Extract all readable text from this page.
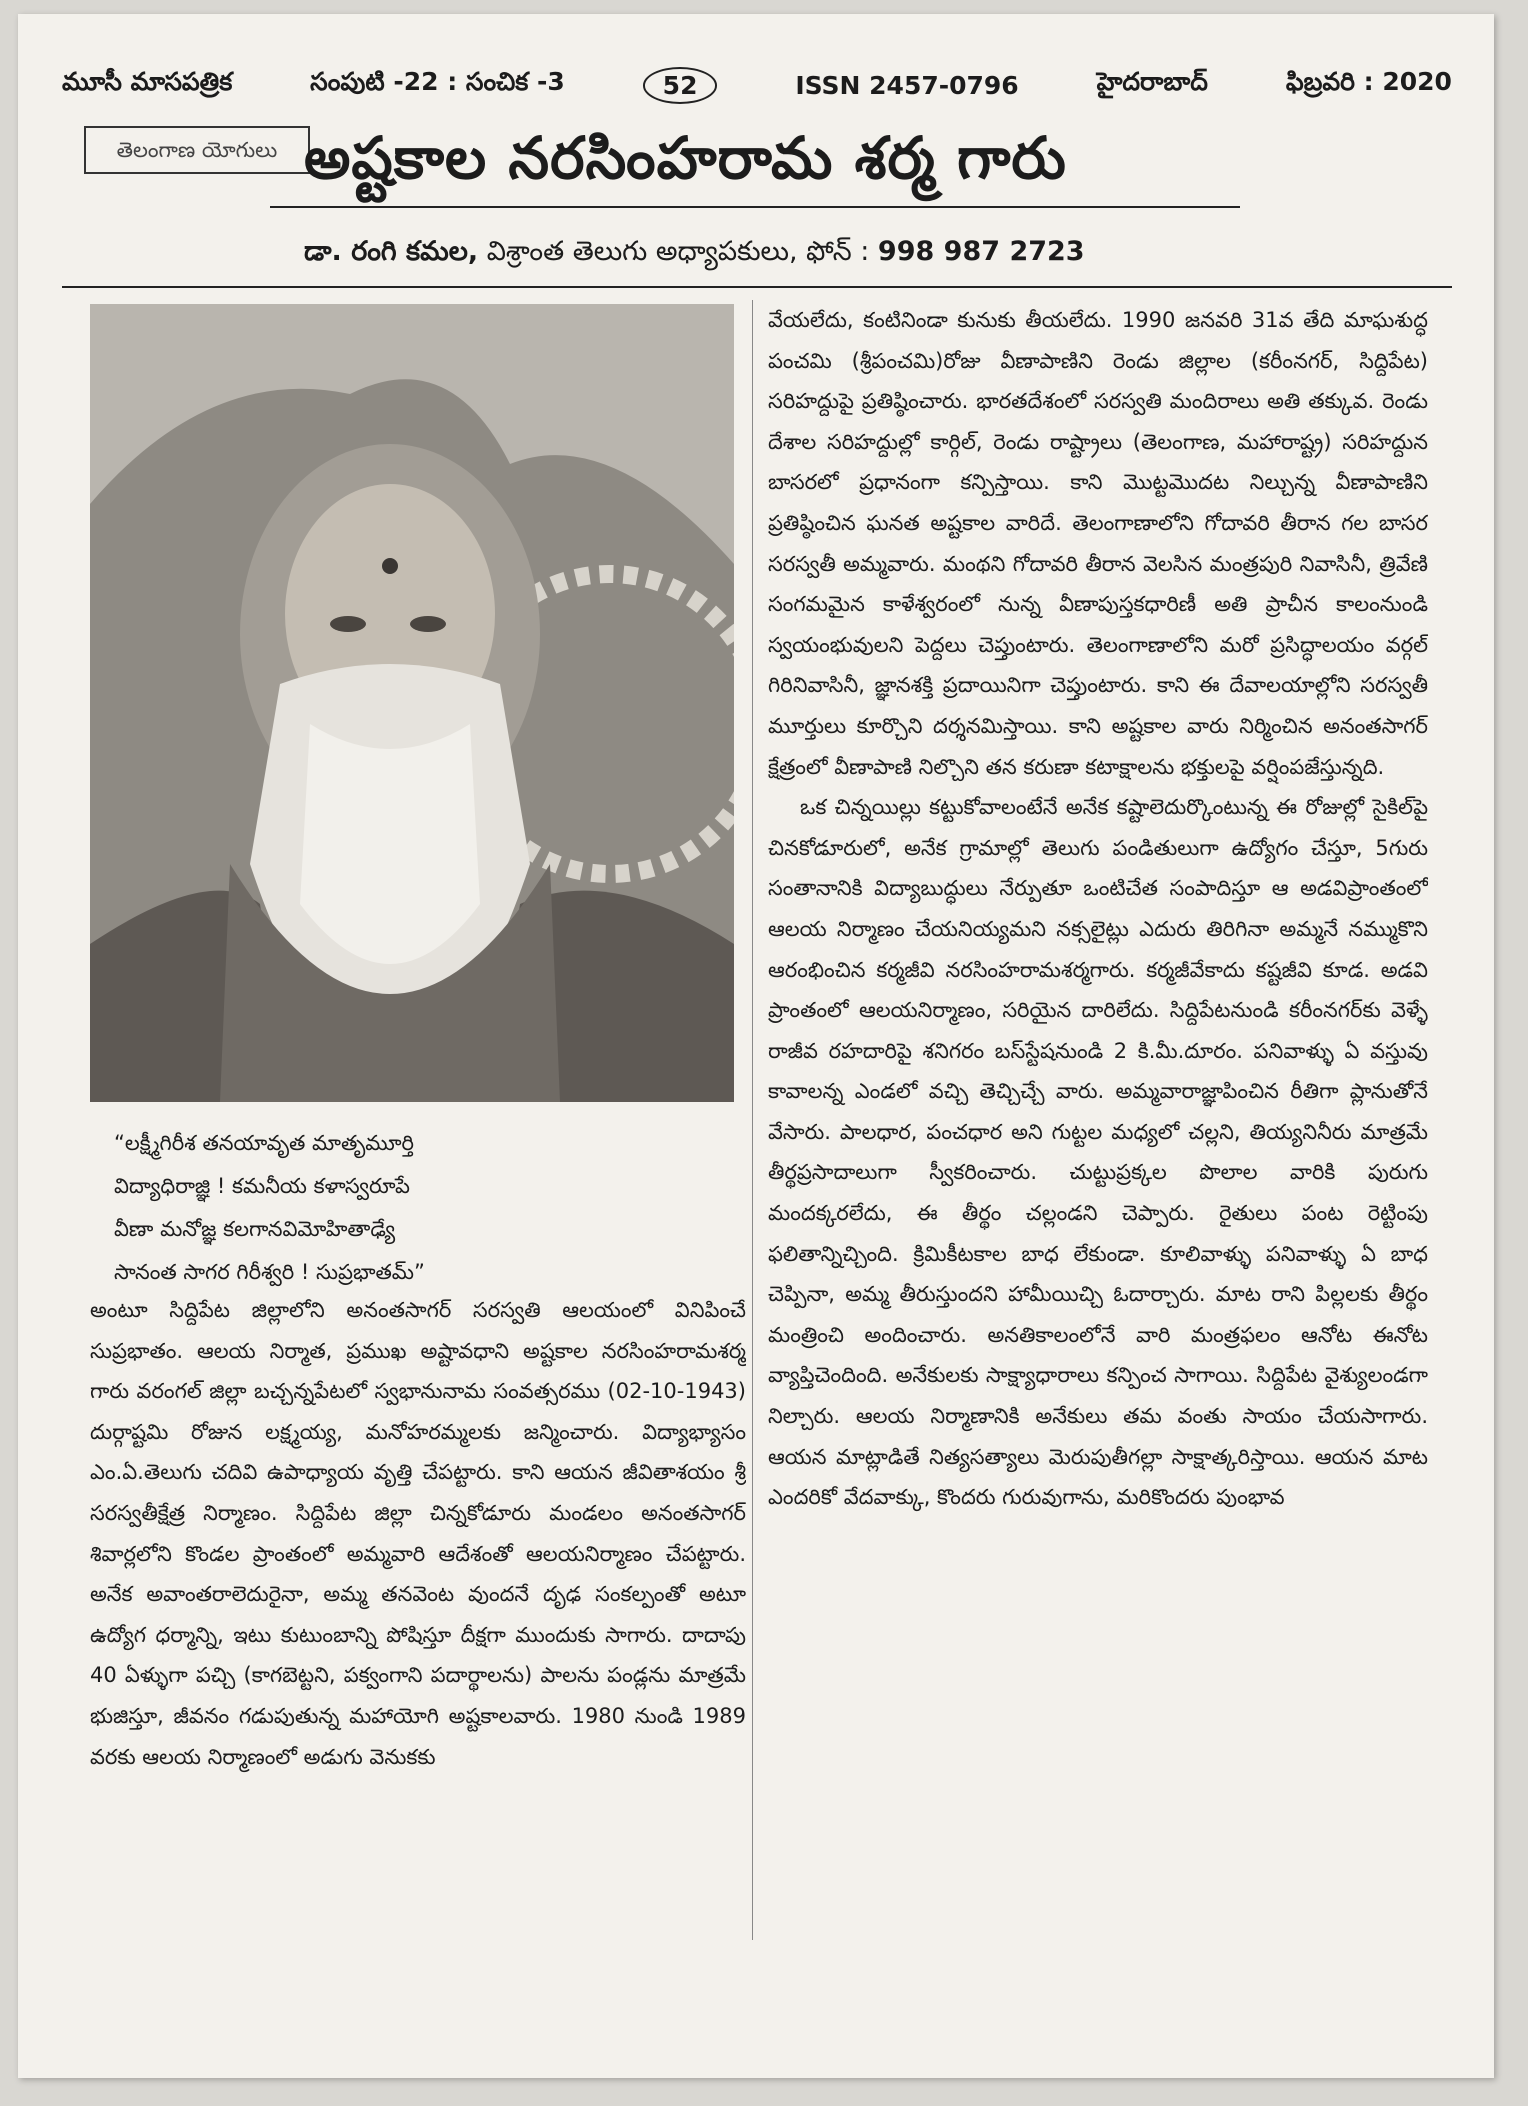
మూసీ మాసపత్రిక	సంపుటి -22 : సంచిక -3	52	ISSN 2457-0796	హైదరాబాద్	ఫిబ్రవరి : 2020
తెలంగాణ యోగులు అష్టకాల నరసింహరామ శర్మ గారు
డా. రంగి కమల, విశ్రాంత తెలుగు అధ్యాపకులు, ఫోన్ : 998 987 2723
“లక్ష్మీగిరీశ తనయావృత మాతృమూర్తి
విద్యాధిరాజ్ఞి ! కమనీయ కళాస్వరూపే
వీణా మనోజ్ఞ కలగానవిమోహితాఢ్యే
సానంత సాగర గిరీశ్వరి ! సుప్రభాతమ్”

అంటూ సిద్దిపేట జిల్లాలోని అనంతసాగర్ సరస్వతి ఆలయంలో వినిపించే సుప్రభాతం. ఆలయ నిర్మాత, ప్రముఖ అష్టావధాని అష్టకాల నరసింహరామశర్మ గారు వరంగల్ జిల్లా బచ్చన్నపేటలో స్వభానునామ సంవత్సరము (02-10-1943) దుర్గాష్టమి రోజున లక్ష్మయ్య, మనోహరమ్మలకు జన్మించారు. విద్యాభ్యాసం ఎం.ఏ.తెలుగు చదివి ఉపాధ్యాయ వృత్తి చేపట్టారు. కాని ఆయన జీవితాశయం శ్రీ సరస్వతీక్షేత్ర నిర్మాణం. సిద్దిపేట జిల్లా చిన్నకోడూరు మండలం అనంతసాగర్ శివార్లలోని కొండల ప్రాంతంలో అమ్మవారి ఆదేశంతో ఆలయనిర్మాణం చేపట్టారు. అనేక అవాంతరాలెదురైనా, అమ్మ తనవెంట వుందనే దృఢ సంకల్పంతో అటూ ఉద్యోగ ధర్మాన్ని, ఇటు కుటుంబాన్ని పోషిస్తూ దీక్షగా ముందుకు సాగారు. దాదాపు 40 ఏళ్ళుగా పచ్చి (కాగబెట్టని, పక్వంగాని పదార్థాలను) పాలను పండ్లను మాత్రమే భుజిస్తూ, జీవనం గడుపుతున్న మహాయోగి అష్టకాలవారు. 1980 నుండి 1989 వరకు ఆలయ నిర్మాణంలో అడుగు వెనుకకు

వేయలేదు, కంటినిండా కునుకు తీయలేదు. 1990 జనవరి 31వ తేది మాఘశుద్ధ పంచమి (శ్రీపంచమి)రోజు వీణాపాణిని రెండు జిల్లాల (కరీంనగర్, సిద్దిపేట) సరిహద్దుపై ప్రతిష్ఠించారు. భారతదేశంలో సరస్వతి మందిరాలు అతి తక్కువ. రెండు దేశాల సరిహద్దుల్లో కార్గిల్, రెండు రాష్ట్రాలు (తెలంగాణ, మహారాష్ట్ర) సరిహద్దున బాసరలో ప్రధానంగా కన్పిస్తాయి. కాని మొట్టమొదట నిల్చున్న వీణాపాణిని ప్రతిష్ఠించిన ఘనత అష్టకాల వారిదే. తెలంగాణాలోని గోదావరి తీరాన గల బాసర సరస్వతీ అమ్మవారు. మంథని గోదావరి తీరాన వెలసిన మంత్రపురి నివాసినీ, త్రివేణి సంగమమైన కాళేశ్వరంలో నున్న వీణాపుస్తకధారిణీ అతి ప్రాచీన కాలంనుండి స్వయంభువులని పెద్దలు చెప్తుంటారు. తెలంగాణాలోని మరో ప్రసిద్ధాలయం వర్గల్ గిరినివాసినీ, జ్ఞానశక్తి ప్రదాయినిగా చెప్తుంటారు. కాని ఈ దేవాలయాల్లోని సరస్వతీ మూర్తులు కూర్చొని దర్శనమిస్తాయి. కాని అష్టకాల వారు నిర్మించిన అనంతసాగర్ క్షేత్రంలో వీణాపాణి నిల్చొని తన కరుణా కటాక్షాలను భక్తులపై వర్షింపజేస్తున్నది.

ఒక చిన్నయిల్లు కట్టుకోవాలంటేనే అనేక కష్టాలెదుర్కొంటున్న ఈ రోజుల్లో సైకిల్‌పై చినకోడూరులో, అనేక గ్రామాల్లో తెలుగు పండితులుగా ఉద్యోగం చేస్తూ, 5గురు సంతానానికి విద్యాబుద్ధులు నేర్పుతూ ఒంటిచేత సంపాదిస్తూ ఆ అడవిప్రాంతంలో ఆలయ నిర్మాణం చేయనియ్యమని నక్సలైట్లు ఎదురు తిరిగినా అమ్మనే నమ్ముకొని ఆరంభించిన కర్మజీవి నరసింహరామశర్మగారు. కర్మజీవేకాదు కష్టజీవి కూడ. అడవి ప్రాంతంలో ఆలయనిర్మాణం, సరియైన దారిలేదు. సిద్దిపేటనుండి కరీంనగర్‌కు వెళ్ళే రాజీవ రహదారిపై శనిగరం బస్‌స్టేషనుండి 2 కి.మీ.దూరం. పనివాళ్ళు ఏ వస్తువు కావాలన్న ఎండలో వచ్చి తెచ్చిచ్చే వారు. అమ్మవారాజ్ఞాపించిన రీతిగా ప్లానుతోనే వేసారు. పాలధార, పంచధార అని గుట్టల మధ్యలో చల్లని, తియ్యనినీరు మాత్రమే తీర్థప్రసాదాలుగా స్వీకరించారు. చుట్టుప్రక్కల పొలాల వారికి పురుగు మందక్కరలేదు, ఈ తీర్థం చల్లండని చెప్పారు. రైతులు పంట రెట్టింపు ఫలితాన్నిచ్చింది. క్రిమికీటకాల బాధ లేకుండా. కూలివాళ్ళు పనివాళ్ళు ఏ బాధ చెప్పినా, అమ్మ తీరుస్తుందని హామీయిచ్చి ఓదార్చారు. మాట రాని పిల్లలకు తీర్థం మంత్రించి అందించారు. అనతికాలంలోనే వారి మంత్రఫలం ఆనోట ఈనోట వ్యాప్తిచెందింది. అనేకులకు సాక్ష్యాధారాలు కన్పించ సాగాయి. సిద్దిపేట వైశ్యులండగా నిల్చారు. ఆలయ నిర్మాణానికి అనేకులు తమ వంతు సాయం చేయసాగారు. ఆయన మాట్లాడితే నిత్యసత్యాలు మెరుపుతీగల్లా సాక్షాత్కరిస్తాయి. ఆయన మాట ఎందరికో వేదవాక్కు, కొందరు గురువుగాను, మరికొందరు పుంభావ
